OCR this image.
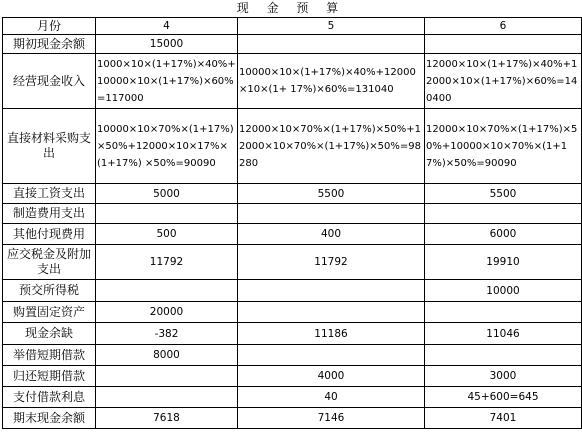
现 金 预 算
月份	4	5	6
期初现金余额	15000		
经营现金收入	1000×10×(1+17%)×40%+10000×10×(1+17%)×60%=117000	10000×10×(1+17%)×40%+12000×10×(1+ 17%)×60%=131040	12000×10×(1+17%)×40%+12000×10×(1+17%)×60%=140400
直接材料采购支出	10000×10×70%×(1+17%)×50%+12000×10×17%×(1+17%) ×50%=90090	12000×10×70%×(1+17%)×50%+12000×10×70%×(1+17%)×50%=98280	12000×10×70%×(1+17%)×50%+10000×10×70%×(1+17%)×50%=90090
直接工资支出	5000	5500	5500
制造费用支出			
其他付现费用	500	400	6000
应交税金及附加支出	11792	11792	19910
预交所得税			10000
购置固定资产	20000		
现金余缺	-382	11186	11046
举借短期借款	8000		
归还短期借款		4000	3000
支付借款利息		40	45+600=645
期末现金余额	7618	7146	7401
